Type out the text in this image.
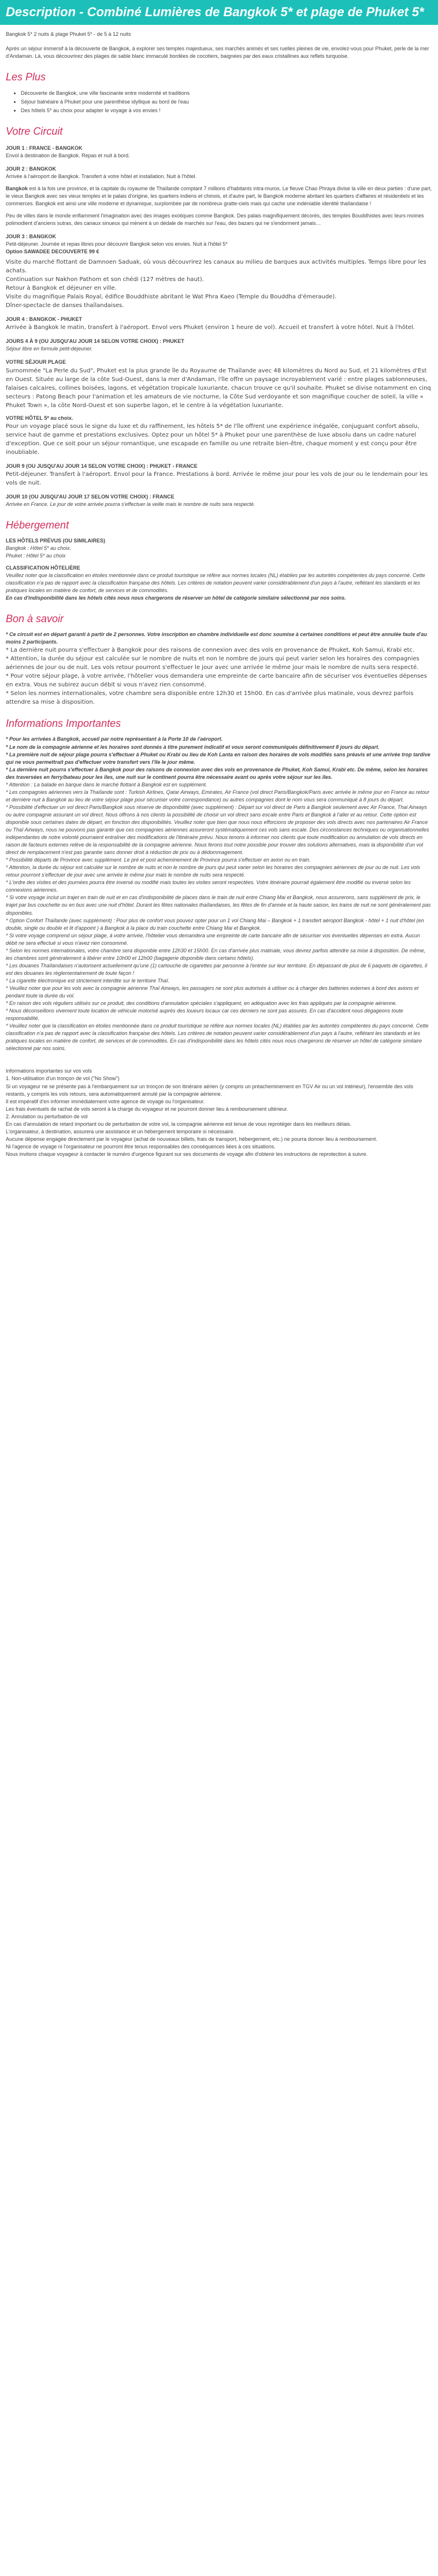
Description - Combiné Lumières de Bangkok 5* et plage de Phuket 5*

Bangkok 5* 2 nuits & plage Phuket 5* - de 5 à 12 nuits

Après un séjour immersif à la découverte de Bangkok, à explorer ses temples majestueux, ses marchés animés et ses ruelles pleines de vie, envolez-vous pour Phuket, perle de la mer d'Andaman. Là, vous découvrirez des plages de sable blanc immaculé bordées de cocotiers, baignées par des eaux cristallines aux reflets turquoise.

Les Plus
• Découverte de Bangkok, une ville fascinante entre modernité et traditions
• Séjour balnéaire à Phuket pour une parenthèse idyllique au bord de l'eau
• Des hôtels 5* au choix pour adapter le voyage à vos envies !
Votre Circuit
JOUR 1 : FRANCE - BANGKOK

Envol à destination de Bangkok. Repas et nuit à bord.

JOUR 2 : BANGKOK

Arrivée à l'aéroport de Bangkok. Transfert à votre hôtel et installation. Nuit à l'hôtel.

Bangkok est à la fois une province, et la capitale du royaume de Thaïlande comptant 7 millions d'habitants intra-muros. Le fleuve Chao Phraya divise la ville en deux parties : d'une part, le vieux Bangkok avec ses vieux temples et le palais d'origine, les quartiers indiens et chinois, et d'autre part, le Bangkok moderne abritant les quartiers d'affaires et résidentiels et les commerces. Bangkok est ainsi une ville moderne et dynamique, surplombée par de nombreux gratte-ciels mais qui cache une indéniable identité thaïlandaise !

Peu de villes dans le monde enflamment l'imagination avec des images exotiques comme Bangkok. Des palais magnifiquement décorés, des temples Bouddhistes avec leurs moines polimodient d'anciens sutras, des canaux sinueux qui mènent à un dédale de marchés sur l'eau, des bazars qui ne s'endorment jamais…

JOUR 3 : BANGKOK
Petit-déjeuner. Journée et repas libres pour découvrir Bangkok selon vos envies. Nuit à l'hôtel 5*
Option SAWADEE DECOUVERTE 99 €
Visite du marché flottant de Damnoen Saduak, où vous découvrirez les canaux au milieu de barques aux activités multiples. Temps libre pour les achats.
Continuation sur Nakhon Pathom et son chédi (127 mètres de haut).
Retour à Bangkok et déjeuner en ville.
Visite du magnifique Palais Royal, édifice Bouddhiste abritant le Wat Phra Kaeo (Temple du Bouddha d'émeraude).
Dîner-spectacle de danses thaïlandaises.
JOUR 4 : BANGKOK - PHUKET

Arrivée à Bangkok le matin, transfert à l'aéroport. Envol vers Phuket (environ 1 heure de vol). Accueil et transfert à votre hôtel. Nuit à l'hôtel.

JOURS 4 À 9 (OU JUSQU'AU JOUR 14 SELON VOTRE CHOIX) : PHUKET

Séjour libre en formule petit-déjeuner.

VOTRE SÉJOUR PLAGE

Surnommée "La Perle du Sud", Phuket est la plus grande île du Royaume de Thaïlande avec 48 kilomètres du Nord au Sud, et 21 kilomètres d'Est en Ouest. Située au large de la côte Sud-Ouest, dans la mer d'Andaman, l'île offre un paysage incroyablement varié : entre plages sablonneuses, falaises calcaires, collines boisées, lagons, et végétation tropicale luxuriante, chacun trouve ce qu'il souhaite. Phuket se divise notamment en cinq secteurs : Patong Beach pour l'animation et les amateurs de vie nocturne, la Côte Sud verdoyante et son magnifique coucher de soleil, la ville « Phuket Town », la côte Nord-Ouest et son superbe lagon, et le centre à la végétation luxuriante.

VOTRE HÔTEL 5* au choix.

Pour un voyage placé sous le signe du luxe et du raffinement, les hôtels 5* de l'île offrent une expérience inégalée, conjuguant confort absolu, service haut de gamme et prestations exclusives. Optez pour un hôtel 5* à Phuket pour une parenthèse de luxe absolu dans un cadre naturel d'exception. Que ce soit pour un séjour romantique, une escapade en famille ou une retraite bien-être, chaque moment y est conçu pour être inoubliable.

JOUR 9 (OU JUSQU'AU JOUR 14 SELON VOTRE CHOIX) : PHUKET - FRANCE

Petit-déjeuner. Transfert à l'aéroport. Envol pour la France. Prestations à bord. Arrivée le même jour pour les vols de jour ou le lendemain pour les vols de nuit.

JOUR 10 (OU JUSQU'AU JOUR 17 SELON VOTRE CHOIX) : FRANCE

Arrivée en France. Le jour de votre arrivée pourra s'effectuer la veille mais le nombre de nuits sera respecté.

Hébergement
LES HÔTELS PRÉVUS (OU SIMILAIRES)
Bangkok : Hôtel 5* au choix.

Phuket : Hôtel 5* au choix

CLASSIFICATION HÔTELIÈRE
Veuillez noter que la classification en étoiles mentionnée dans ce produit touristique se réfère aux normes locales (NL) établies par les autorités compétentes du pays concerné. Cette classification n'a pas de rapport avec la classification française des hôtels. Les critères de notation peuvent varier considérablement d'un pays à l'autre, reflétant les standards et les pratiques locales en matière de confort, de services et de commodités.

En cas d'indisponibilité dans les hôtels cités nous nous chargerons de réserver un hôtel de catégorie similaire sélectionné par nos soins.

Bon à savoir
* Ce circuit est en départ garanti à partir de 2 personnes. Votre inscription en chambre individuelle est donc soumise à certaines conditions et peut être annulée faute d'au moins 2 participants.
* La dernière nuit pourra s'effectuer à Bangkok pour des raisons de connexion avec des vols en provenance de Phuket, Koh Samui, Krabi etc.
* Attention, la durée du séjour est calculée sur le nombre de nuits et non le nombre de jours qui peut varier selon les horaires des compagnies aériennes de jour ou de nuit. Les vols retour pourront s'effectuer le jour avec une arrivée le même jour mais le nombre de nuits sera respecté.
* Pour votre séjour plage, à votre arrivée, l'hôtelier vous demandera une empreinte de carte bancaire afin de sécuriser vos éventuelles dépenses en extra. Vous ne subirez aucun débit si vous n'avez rien consommé.

* Selon les normes internationales, votre chambre sera disponible entre 12h30 et 15h00. En cas d'arrivée plus matinale, vous devrez parfois attendre sa mise à disposition.

Informations Importantes
* Pour les arrivées à Bangkok, accueil par notre représentant à la Porte 10 de l'aéroport.
* Le nom de la compagnie aérienne et les horaires sont donnés à titre purement indicatif et vous seront communiqués définitivement 8 jours du départ.
* La première nuit de séjour plage pourra s'effectuer à Phuket ou Krabi ou lieu de Koh Lanta en raison des horaires de vols modifiés sans préavis et une arrivée trop tardive qui ne vous permettrait pas d'effectuer votre transfert vers l'île le jour même.
* La dernière nuit pourra s'effectuer à Bangkok pour des raisons de connexion avec des vols en provenance de Phuket, Koh Samui, Krabi etc. De même, selon les horaires des traversées en ferry/bateau pour les îles, une nuit sur le continent pourra être nécessaire avant ou après votre séjour sur les îles.
* Attention : La balade en barque dans le marché flottant à Bangkok est en supplément.
* Les compagnies aériennes vers la Thaïlande sont : Turkish Airlines, Qatar Airways, Emirates, Air France (vol direct Paris/Bangkok/Paris avec arrivée le même jour en France au retour et dernière nuit à Bangkok au lieu de votre séjour plage pour sécuriser votre correspondance) ou autres compagnies dont le nom vous sera communiqué à 8 jours du départ.
* Possibilité d'effectuer un vol direct Paris/Bangkok sous réserve de disponibilité (avec supplément) : Départ sur vol direct de Paris à Bangkok seulement avec Air France, Thai Airways ou autre compagnie assurant un vol direct. Nous offrons à nos clients la possibilité de choisir un vol direct sans escale entre Paris et Bangkok à l'aller et au retour. Cette option est disponible sous certaines dates de départ, en fonction des disponibilités. Veuillez noter que bien que nous nous efforcions de proposer des vols directs avec nos partenaires Air France ou Thaï Airways, nous ne pouvons pas garantir que ces compagnies aériennes assureront systématiquement ces vols sans escale. Des circonstances techniques ou organisationnelles indépendantes de notre volonté pourraient entraîner des modifications de l'itinéraire prévu. Nous tenons à informer nos clients que toute modification ou annulation de vols directs en raison de facteurs externes relève de la responsabilité de la compagnie aérienne. Nous ferons tout notre possible pour trouver des solutions alternatives, mais la disponibilité d'un vol direct de remplacement n'est pas garantie sans donner droit à réduction de prix ou à dédommagement.
* Possibilité départs de Province avec supplément. Le pré et post acheminement de Province pourra s'effectuer en avion ou en train.
* Attention, la durée du séjour est calculée sur le nombre de nuits et non le nombre de jours qui peut varier selon les horaires des compagnies aériennes de jour ou de nuit. Les vols retour pourront s'effectuer de jour avec une arrivée le même jour mais le nombre de nuits sera respecté.
* L'ordre des visites et des journées pourra être inversé ou modifié mais toutes les visites seront respectées. Votre itinéraire pourrait également être modifié ou inversé selon les connexions aériennes.
* Si votre voyage inclut un trajet en train de nuit et en cas d'indisponibilité de places dans le train de nuit entre Chiang Mai et Bangkok, nous assurerons, sans supplément de prix, le trajet par bus couchette ou en bus avec une nuit d'hôtel. Durant les fêtes nationales thaïlandaises, les fêtes de fin d'année et la haute saison, les trains de nuit ne sont généralement pas disponibles.
* Option Confort Thaïlande (avec supplément) : Pour plus de confort vous pouvez opter pour un 1 vol Chiang Mai – Bangkok + 1 transfert aéroport Bangkok - hôtel + 1 nuit d'hôtel (en double, single ou double et lit d'appoint ) à Bangkok à la place du train couchette entre Chiang Mai et Bangkok.
* Si votre voyage comprend un séjour plage, à votre arrivée, l'hôtelier vous demandera une empreinte de carte bancaire afin de sécuriser vos éventuelles dépenses en extra. Aucun débit ne sera effectué si vous n'avez rien consommé.
* Selon les normes internationales, votre chambre sera disponible entre 12h30 et 15h00. En cas d'arrivée plus matinale, vous devrez parfois attendre sa mise à disposition. De même, les chambres sont généralement à libérer entre 10h00 et 12h00 (bagagerie disponible dans certains hôtels).
* Les douanes Thaïlandaises n'autorisent actuellement qu'une (1) cartouche de cigarettes par personne à l'entrée sur leur territoire. En dépassant de plus de 6 paquets de cigarettes, il est des douanes les règlementairement de toute façon !
* La cigarette électronique est strictement interdite sur le territoire Thaï.
* Veuillez noter que pour les vols avec la compagnie aérienne Thaï Airways, les passagers ne sont plus autorisés à utiliser ou à charger des batteries externes à bord des avions et pendant toute la durée du vol.
* En raison des vols réguliers utilisés sur ce produit, des conditions d'annulation spéciales s'appliquent, en adéquation avec les frais appliqués par la compagnie aérienne.
* Nous déconseillons vivement toute location de véhicule motorisé auprès des loueurs locaux car ces derniers ne sont pas assurés. En cas d'accident nous dégageons toute responsabilité.
* Veuillez noter que la classification en étoiles mentionnée dans ce produit touristique se réfère aux normes locales (NL) établies par les autorités compétentes du pays concerné. Cette classification n'a pas de rapport avec la classification française des hôtels. Les critères de notation peuvent varier considérablement d'un pays à l'autre, reflétant les standards et les pratiques locales en matière de confort, de services et de commodités. En cas d'indisponibilité dans les hôtels cités nous nous chargerons de réserver un hôtel de catégorie similaire sélectionné par nos soins.
Informations importantes sur vos vols
1. Non-utilisation d'un tronçon de vol ("No Show")
Si un voyageur ne se présente pas à l'embarquement sur un tronçon de son itinéraire aérien (y compris un préacheminement en TGV Air ou un vol intérieur), l'ensemble des vols restants, y compris les vols retours, sera automatiquement annulé par la compagnie aérienne.
Il est impératif d'en informer immédiatement votre agence de voyage ou l'organisateur.
Les frais éventuels de rachat de vols seront à la charge du voyageur et ne pourront donner lieu à remboursement ultérieur.
2. Annulation ou perturbation de vol
En cas d'annulation de retard important ou de perturbation de votre vol, la compagnie aérienne est tenue de vous reprotéger dans les meilleurs délais.
L'organisateur, à destination, assurera une assistance et un hébergement temporaire si nécessaire.
Aucune dépense engagée directement par le voyageur (achat de nouveaux billets, frais de transport, hébergement, etc.) ne pourra donner lieu à remboursement.
Ni l'agence de voyage ni l'organisateur ne pourront être tenus responsables des conséquences liées à ces situations.
Nous invitons chaque voyageur à contacter le numéro d'urgence figurant sur ses documents de voyage afin d'obtenir les instructions de reprotection à suivre.
